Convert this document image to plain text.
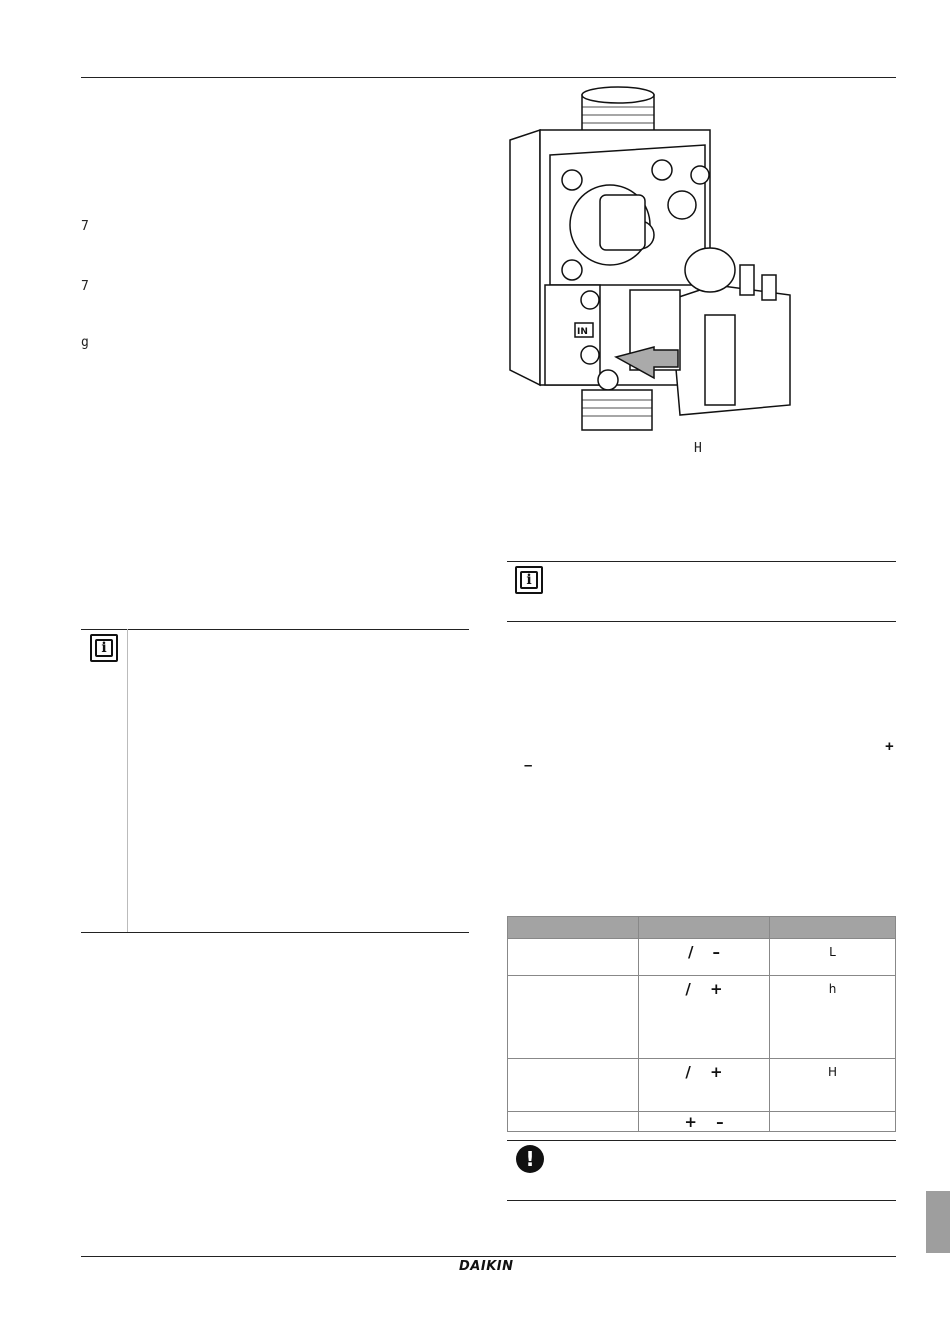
7
7
g
i
IN
H
i
+
–

	/ –	L
	/ +	h
	/ +	H
	+ –	
!
DAIKIN
